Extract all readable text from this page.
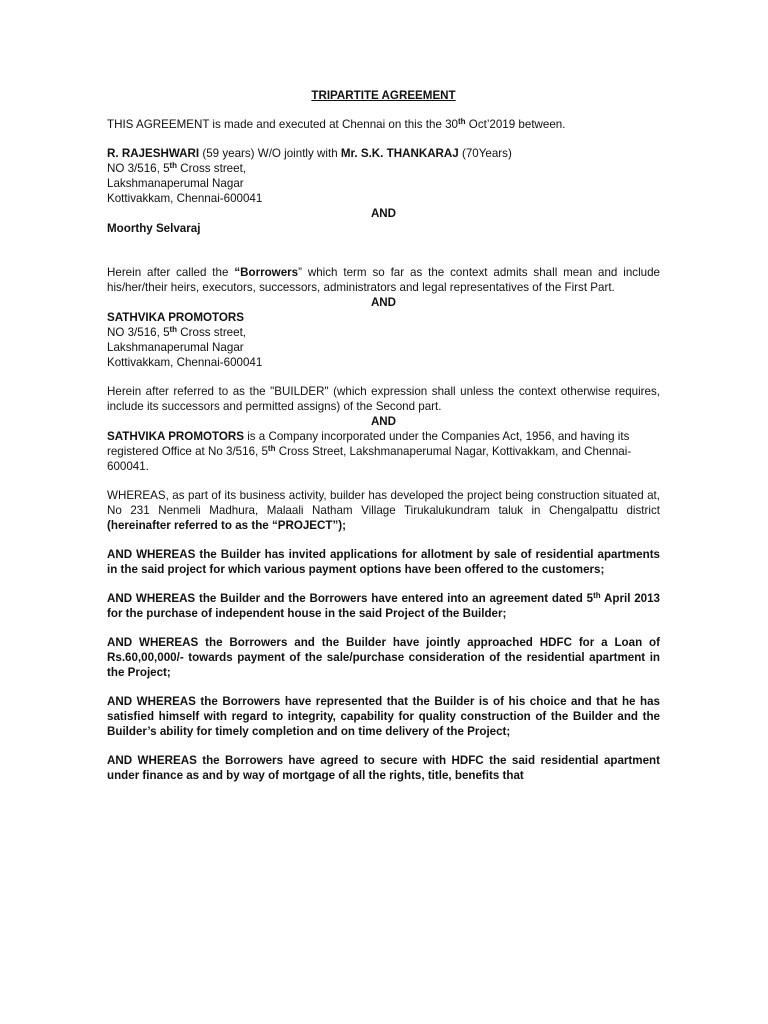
TRIPARTITE AGREEMENT

THIS AGREEMENT is made and executed at Chennai on this the 30th Oct’2019 between.

R. RAJESHWARI (59 years) W/O jointly with Mr. S.K. THANKARAJ (70Years)

NO 3/516, 5th Cross street,

Lakshmanaperumal Nagar

Kottivakkam, Chennai-600041

AND

Moorthy Selvaraj

Herein after called the “Borrowers” which term so far as the context admits shall mean and include his/her/their heirs, executors, successors, administrators and legal representatives of the First Part.

AND

SATHVIKA PROMOTORS

NO 3/516, 5th Cross street,

Lakshmanaperumal Nagar

Kottivakkam, Chennai-600041

Herein after referred to as the "BUILDER" (which expression shall unless the context otherwise requires, include its successors and permitted assigns) of the Second part.

AND

SATHVIKA PROMOTORS is a Company incorporated under the Companies Act, 1956, and having its registered Office at No 3/516, 5th Cross Street, Lakshmanaperumal Nagar, Kottivakkam, and Chennai-600041.

WHEREAS, as part of its business activity, builder has developed the project being construction situated at, No 231 Nenmeli Madhura, Malaali Natham Village Tirukalukundram taluk in Chengalpattu district (hereinafter referred to as the “PROJECT”);

AND WHEREAS the Builder has invited applications for allotment by sale of residential apartments in the said project for which various payment options have been offered to the customers;

AND WHEREAS the Builder and the Borrowers have entered into an agreement dated 5th April 2013 for the purchase of independent house in the said Project of the Builder;

AND WHEREAS the Borrowers and the Builder have jointly approached HDFC for a Loan of Rs.60,00,000/- towards payment of the sale/purchase consideration of the residential apartment in the Project;

AND WHEREAS the Borrowers have represented that the Builder is of his choice and that he has satisfied himself with regard to integrity, capability for quality construction of the Builder and the Builder’s ability for timely completion and on time delivery of the Project;

AND WHEREAS the Borrowers have agreed to secure with HDFC the said residential apartment under finance as and by way of mortgage of all the rights, title, benefits that
